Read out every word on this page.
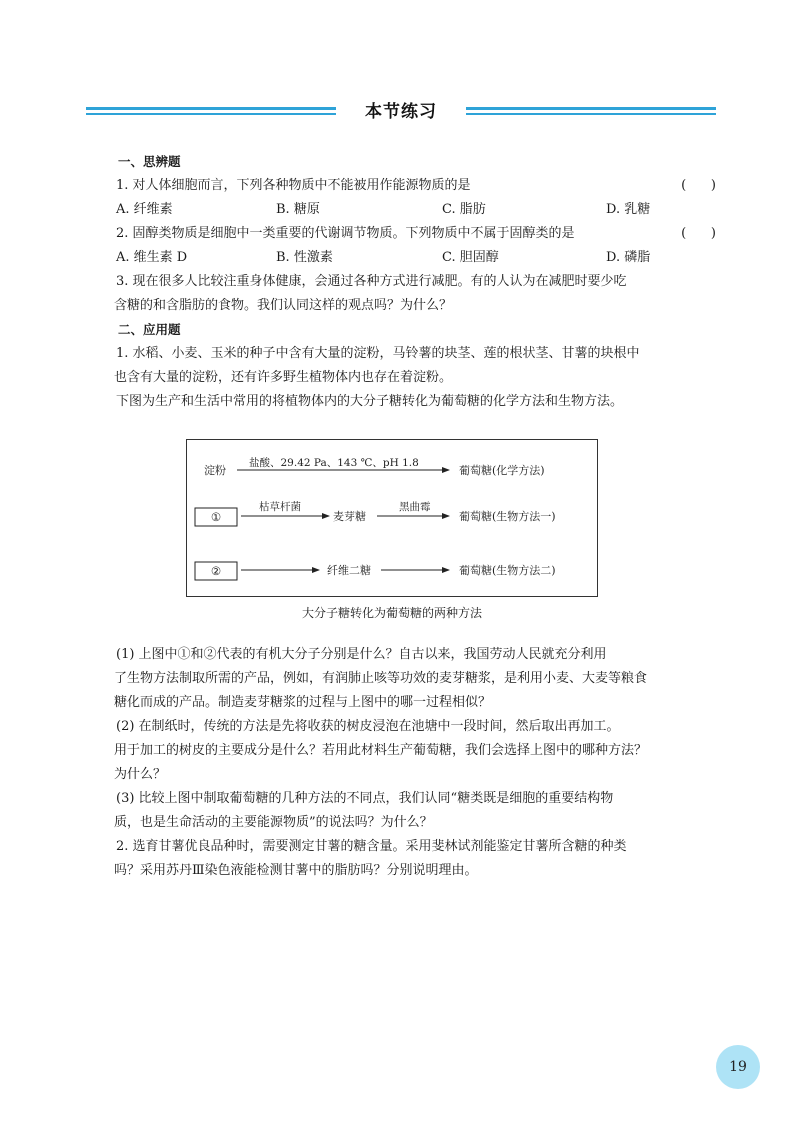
本节练习
一、思辨题
1. 对人体细胞而言，下列各种物质中不能被用作能源物质的是	(      )
A. 纤维素	B. 糖原	C. 脂肪	D. 乳糖
2. 固醇类物质是细胞中一类重要的代谢调节物质。下列物质中不属于固醇类的是	(      )
A. 维生素 D	B. 性激素	C. 胆固醇	D. 磷脂

3. 现在很多人比较注重身体健康，会通过各种方式进行减肥。有的人认为在减肥时要少吃
含糖的和含脂肪的食物。我们认同这样的观点吗？为什么？

二、应用题

1. 水稻、小麦、玉米的种子中含有大量的淀粉，马铃薯的块茎、莲的根状茎、甘薯的块根中
也含有大量的淀粉，还有许多野生植物体内也存在着淀粉。

下图为生产和生活中常用的将植物体内的大分子糖转化为葡萄糖的化学方法和生物方法。

淀粉
盐酸、29.42 Pa、143 ℃、pH 1.8
葡萄糖(化学方法)
①
枯草杆菌
麦芽糖
黑曲霉
葡萄糖(生物方法一)
②	纤维二糖	葡萄糖(生物方法二)
大分子糖转化为葡萄糖的两种方法

(1) 上图中①和②代表的有机大分子分别是什么？自古以来，我国劳动人民就充分利用
了生物方法制取所需的产品，例如，有润肺止咳等功效的麦芽糖浆，是利用小麦、大麦等粮食
糖化而成的产品。制造麦芽糖浆的过程与上图中的哪一过程相似？

(2) 在制纸时，传统的方法是先将收获的树皮浸泡在池塘中一段时间，然后取出再加工。
用于加工的树皮的主要成分是什么？若用此材料生产葡萄糖，我们会选择上图中的哪种方法？
为什么？

(3) 比较上图中制取葡萄糖的几种方法的不同点，我们认同“糖类既是细胞的重要结构物
质，也是生命活动的主要能源物质”的说法吗？为什么？

2. 选育甘薯优良品种时，需要测定甘薯的糖含量。采用斐林试剂能鉴定甘薯所含糖的种类
吗？采用苏丹Ⅲ染色液能检测甘薯中的脂肪吗？分别说明理由。

19
